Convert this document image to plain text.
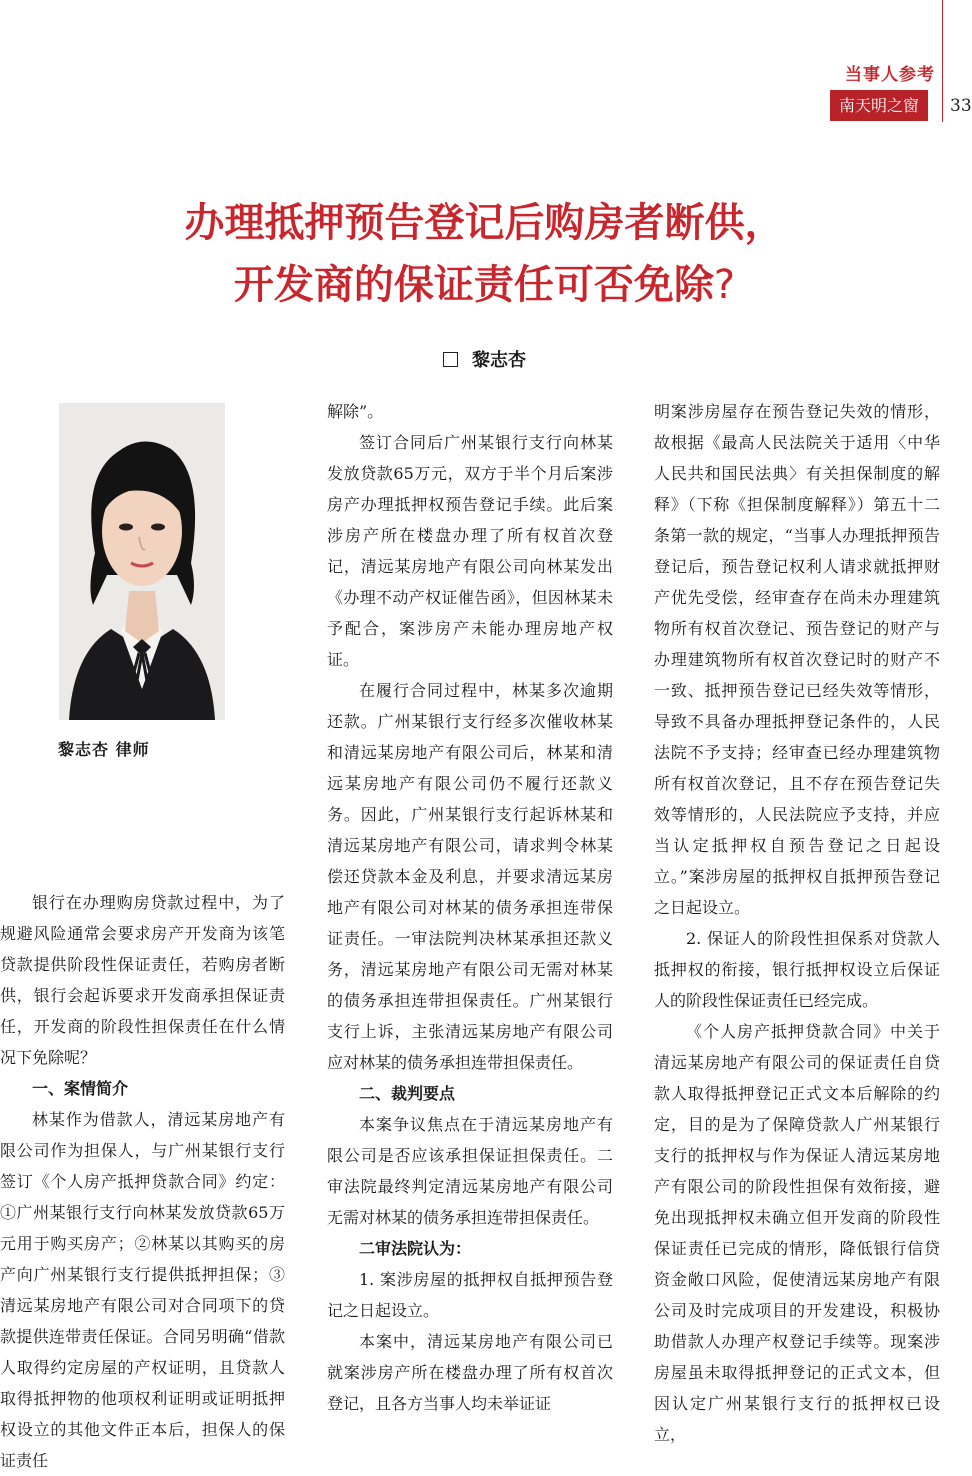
当事人参考
南天明之窗	33
办理抵押预告登记后购房者断供，
开发商的保证责任可否免除?
黎志杏
黎志杏 律师

银行在办理购房贷款过程中，为了规避风险通常会要求房产开发商为该笔贷款提供阶段性保证责任，若购房者断供，银行会起诉要求开发商承担保证责任，开发商的阶段性担保责任在什么情况下免除呢？

一、案情简介

林某作为借款人，清远某房地产有限公司作为担保人，与广州某银行支行签订《个人房产抵押贷款合同》约定：①广州某银行支行向林某发放贷款65万元用于购买房产；②林某以其购买的房产向广州某银行支行提供抵押担保；③清远某房地产有限公司对合同项下的贷款提供连带责任保证。合同另明确“借款人取得约定房屋的产权证明，且贷款人取得抵押物的他项权利证明或证明抵押权设立的其他文件正本后，担保人的保证责任

解除”。

签订合同后广州某银行支行向林某发放贷款65万元，双方于半个月后案涉房产办理抵押权预告登记手续。此后案涉房产所在楼盘办理了所有权首次登记，清远某房地产有限公司向林某发出《办理不动产权证催告函》，但因林某未予配合，案涉房产未能办理房地产权证。

在履行合同过程中，林某多次逾期还款。广州某银行支行经多次催收林某和清远某房地产有限公司后，林某和清远某房地产有限公司仍不履行还款义务。因此，广州某银行支行起诉林某和清远某房地产有限公司，请求判令林某偿还贷款本金及利息，并要求清远某房地产有限公司对林某的债务承担连带保证责任。一审法院判决林某承担还款义务，清远某房地产有限公司无需对林某的债务承担连带担保责任。广州某银行支行上诉，主张清远某房地产有限公司应对林某的债务承担连带担保责任。

二、裁判要点

本案争议焦点在于清远某房地产有限公司是否应该承担保证担保责任。二审法院最终判定清远某房地产有限公司无需对林某的债务承担连带担保责任。

二审法院认为：

1. 案涉房屋的抵押权自抵押预告登记之日起设立。

本案中，清远某房地产有限公司已就案涉房产所在楼盘办理了所有权首次登记，且各方当事人均未举证证

明案涉房屋存在预告登记失效的情形，故根据《最高人民法院关于适用〈中华人民共和国民法典〉有关担保制度的解释》（下称《担保制度解释》）第五十二条第一款的规定，“当事人办理抵押预告登记后，预告登记权利人请求就抵押财产优先受偿，经审查存在尚未办理建筑物所有权首次登记、预告登记的财产与办理建筑物所有权首次登记时的财产不一致、抵押预告登记已经失效等情形，导致不具备办理抵押登记条件的，人民法院不予支持；经审查已经办理建筑物所有权首次登记，且不存在预告登记失效等情形的，人民法院应予支持，并应当认定抵押权自预告登记之日起设立。”案涉房屋的抵押权自抵押预告登记之日起设立。

2. 保证人的阶段性担保系对贷款人抵押权的衔接，银行抵押权设立后保证人的阶段性保证责任已经完成。

《个人房产抵押贷款合同》中关于清远某房地产有限公司的保证责任自贷款人取得抵押登记正式文本后解除的约定，目的是为了保障贷款人广州某银行支行的抵押权与作为保证人清远某房地产有限公司的阶段性担保有效衔接，避免出现抵押权未确立但开发商的阶段性保证责任已完成的情形，降低银行信贷资金敞口风险，促使清远某房地产有限公司及时完成项目的开发建设，积极协助借款人办理产权登记手续等。现案涉房屋虽未取得抵押登记的正式文本，但因认定广州某银行支行的抵押权已设立，
